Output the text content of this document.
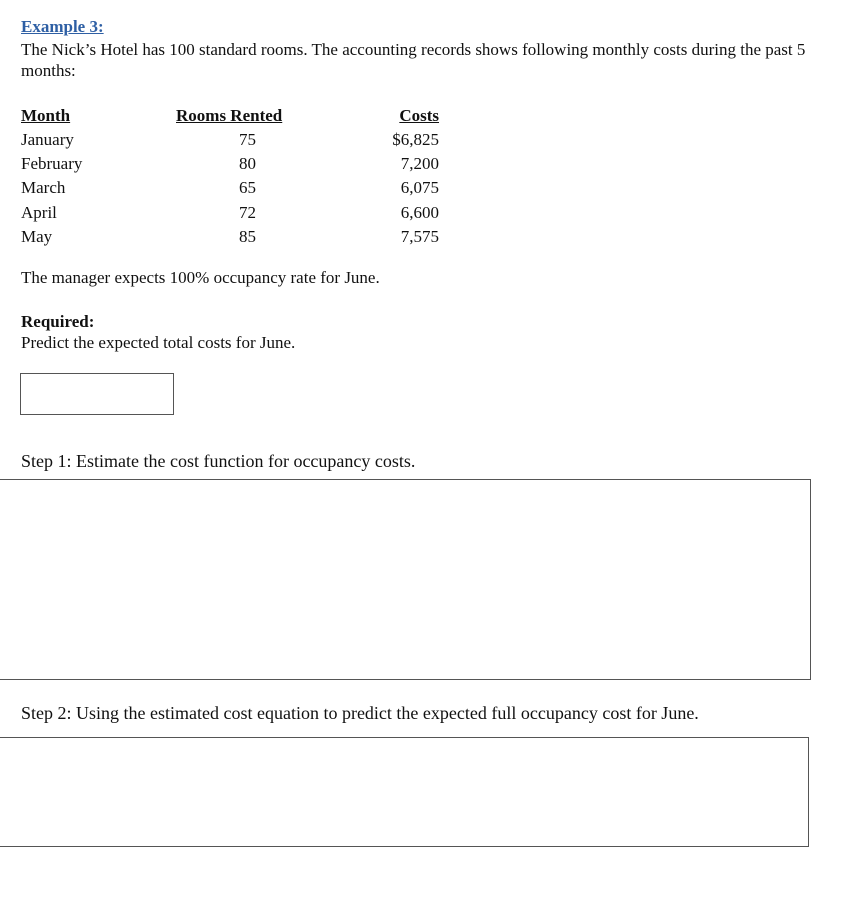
Example 3:
The Nick’s Hotel has 100 standard rooms. The accounting records shows following monthly costs during the past 5 months:
Month	Rooms Rented	Costs
January	75	$6,825
February	80	7,200
March	65	6,075
April	72	6,600
May	85	7,575
The manager expects 100% occupancy rate for June.
Required:
Predict the expected total costs for June.
Step 1: Estimate the cost function for occupancy costs.
Step 2: Using the estimated cost equation to predict the expected full occupancy cost for June.
